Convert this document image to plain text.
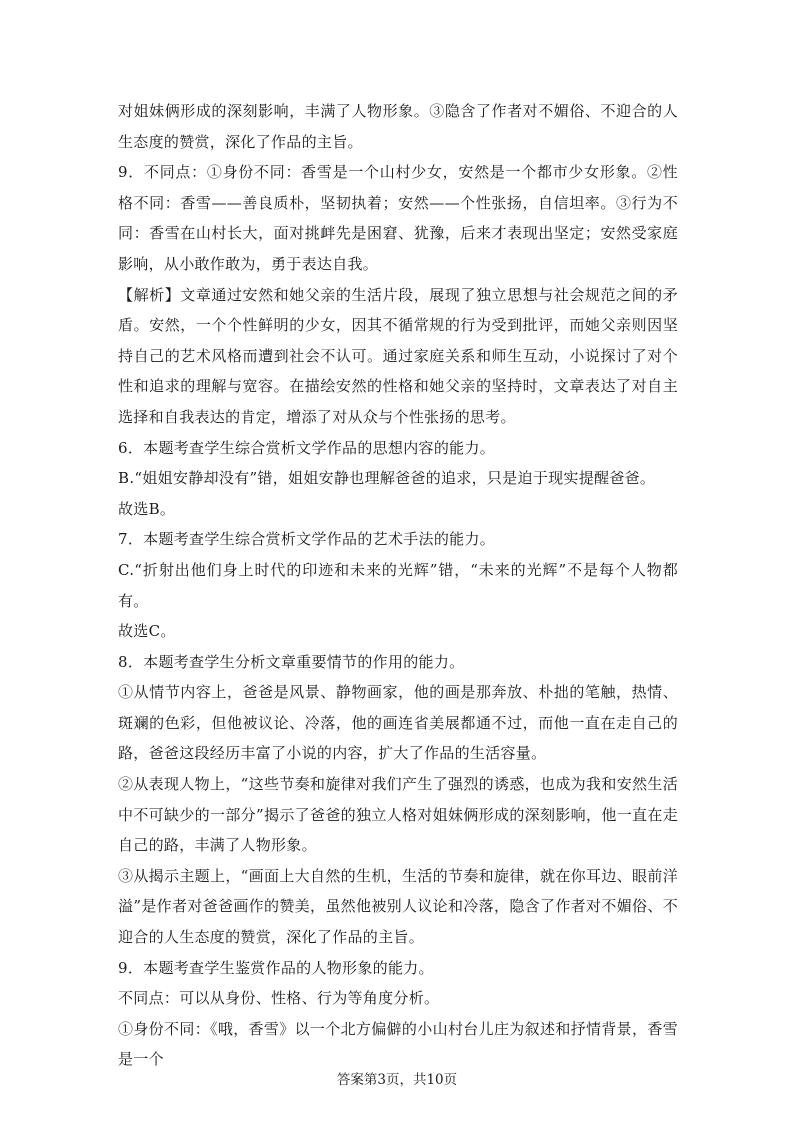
对姐妹俩形成的深刻影响，丰满了人物形象。③隐含了作者对不媚俗、不迎合的人生态度的赞赏，深化了作品的主旨。

9．不同点：①身份不同：香雪是一个山村少女，安然是一个都市少女形象。②性格不同：香雪——善良质朴，坚韧执着；安然——个性张扬，自信坦率。③行为不同：香雪在山村长大，面对挑衅先是困窘、犹豫，后来才表现出坚定；安然受家庭影响，从小敢作敢为，勇于表达自我。

【解析】文章通过安然和她父亲的生活片段，展现了独立思想与社会规范之间的矛盾。安然，一个个性鲜明的少女，因其不循常规的行为受到批评，而她父亲则因坚持自己的艺术风格而遭到社会不认可。通过家庭关系和师生互动，小说探讨了对个性和追求的理解与宽容。在描绘安然的性格和她父亲的坚持时，文章表达了对自主选择和自我表达的肯定，增添了对从众与个性张扬的思考。

6．本题考查学生综合赏析文学作品的思想内容的能力。

B.“姐姐安静却没有”错，姐姐安静也理解爸爸的追求，只是迫于现实提醒爸爸。

故选B。

7．本题考查学生综合赏析文学作品的艺术手法的能力。

C.“折射出他们身上时代的印迹和未来的光辉”错，“未来的光辉”不是每个人物都有。

故选C。

8．本题考查学生分析文章重要情节的作用的能力。

①从情节内容上，爸爸是风景、静物画家，他的画是那奔放、朴拙的笔触，热情、斑斓的色彩，但他被议论、冷落，他的画连省美展都通不过，而他一直在走自己的路，爸爸这段经历丰富了小说的内容，扩大了作品的生活容量。

②从表现人物上，“这些节奏和旋律对我们产生了强烈的诱惑，也成为我和安然生活中不可缺少的一部分”揭示了爸爸的独立人格对姐妹俩形成的深刻影响，他一直在走自己的路，丰满了人物形象。

③从揭示主题上，“画面上大自然的生机，生活的节奏和旋律，就在你耳边、眼前洋溢”是作者对爸爸画作的赞美，虽然他被别人议论和冷落，隐含了作者对不媚俗、不迎合的人生态度的赞赏，深化了作品的主旨。

9．本题考查学生鉴赏作品的人物形象的能力。

不同点：可以从身份、性格、行为等角度分析。

①身份不同：《哦，香雪》以一个北方偏僻的小山村台儿庄为叙述和抒情背景，香雪是一个

答案第3页，共10页
